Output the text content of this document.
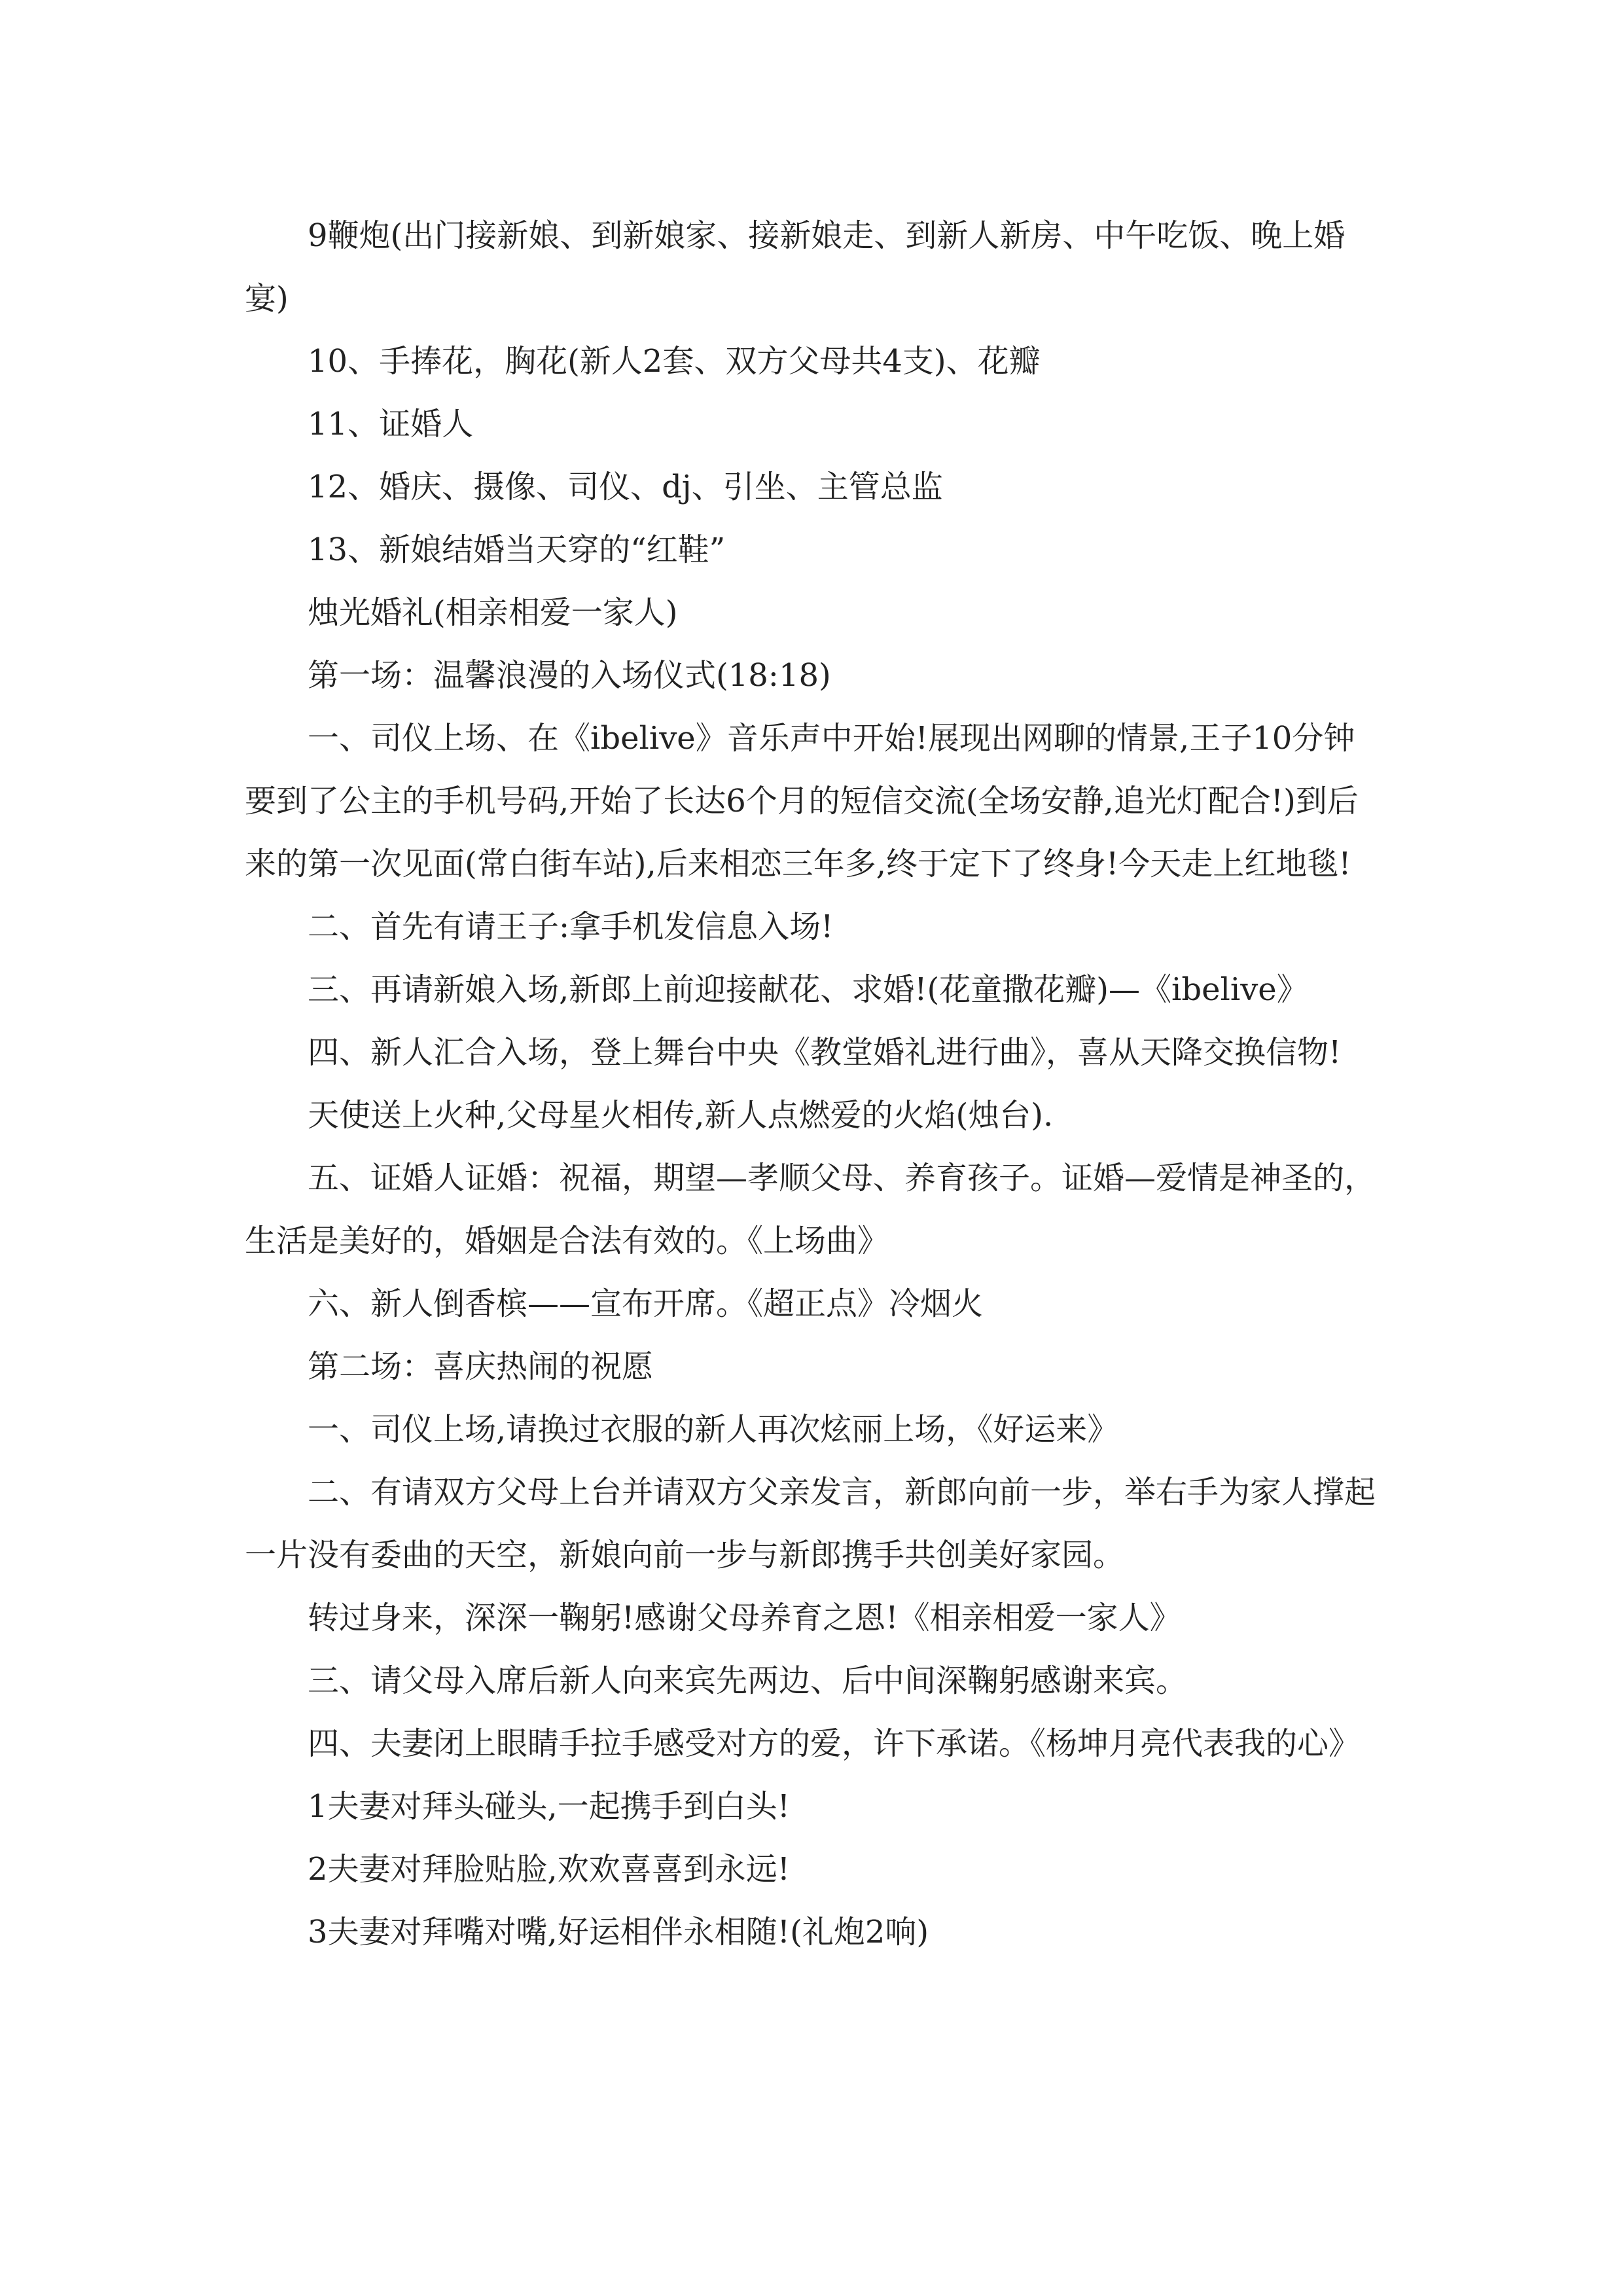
9鞭炮(出门接新娘、到新娘家、接新娘走、到新人新房、中午吃饭、晚上婚宴)

10、手捧花，胸花(新人2套、双方父母共4支)、花瓣

11、证婚人

12、婚庆、摄像、司仪、dj、引坐、主管总监

13、新娘结婚当天穿的“红鞋”

烛光婚礼(相亲相爱一家人)

第一场：温馨浪漫的入场仪式(18:18)

一、司仪上场、在《ibelive》音乐声中开始!展现出网聊的情景,王子10分钟要到了公主的手机号码,开始了长达6个月的短信交流(全场安静,追光灯配合!)到后来的第一次见面(常白街车站),后来相恋三年多,终于定下了终身!今天走上红地毯!

二、首先有请王子:拿手机发信息入场!

三、再请新娘入场,新郎上前迎接献花、求婚!(花童撒花瓣)—《ibelive》

四、新人汇合入场，登上舞台中央《教堂婚礼进行曲》，喜从天降交换信物!

天使送上火种,父母星火相传,新人点燃爱的火焰(烛台).

五、证婚人证婚：祝福，期望—孝顺父母、养育孩子。证婚—爱情是神圣的，生活是美好的，婚姻是合法有效的。《上场曲》

六、新人倒香槟——宣布开席。《超正点》冷烟火

第二场：喜庆热闹的祝愿

一、司仪上场,请换过衣服的新人再次炫丽上场，《好运来》

二、有请双方父母上台并请双方父亲发言，新郎向前一步，举右手为家人撑起一片没有委曲的天空，新娘向前一步与新郎携手共创美好家园。

转过身来，深深一鞠躬!感谢父母养育之恩!《相亲相爱一家人》

三、请父母入席后新人向来宾先两边、后中间深鞠躬感谢来宾。

四、夫妻闭上眼睛手拉手感受对方的爱，许下承诺。《杨坤月亮代表我的心》

1夫妻对拜头碰头,一起携手到白头!

2夫妻对拜脸贴脸,欢欢喜喜到永远!

3夫妻对拜嘴对嘴,好运相伴永相随!(礼炮2响)
